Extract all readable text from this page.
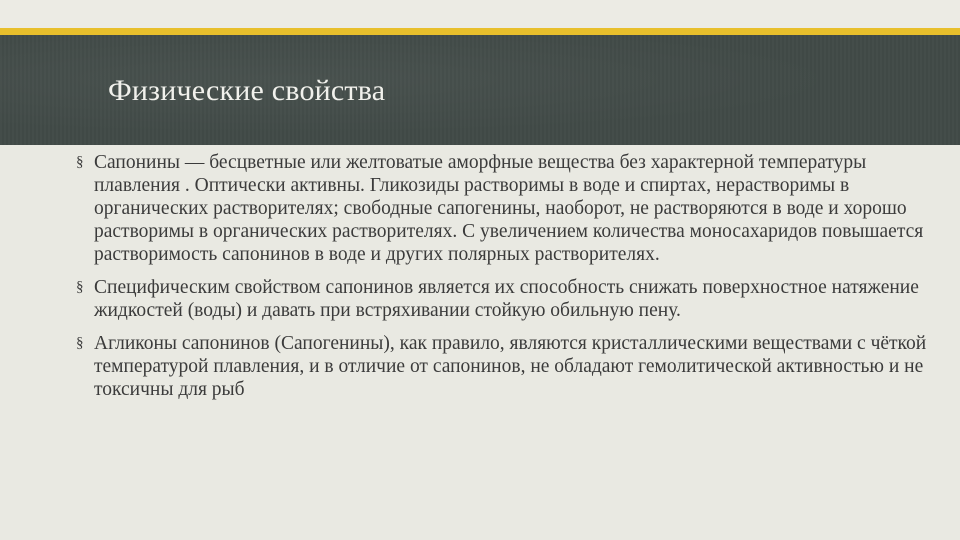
Физические свойства
§ Сапонины — бесцветные или желтоватые аморфные вещества без характерной температуры плавления . Оптически активны. Гликозиды растворимы в воде и спиртах, нерастворимы в органических растворителях; свободные сапогенины, наоборот, не растворяются в воде и хорошо растворимы в органических растворителях. С увеличением количества моносахаридов повышается растворимость сапонинов в воде и других полярных растворителях.
§ Специфическим свойством сапонинов является их способность снижать поверхностное натяжение жидкостей (воды) и давать при встряхивании стойкую обильную пену.
§ Агликоны сапонинов (Сапогенины), как правило, являются кристаллическими веществами с чёткой температурой плавления, и в отличие от сапонинов, не обладают гемолитической активностью и не токсичны для рыб
